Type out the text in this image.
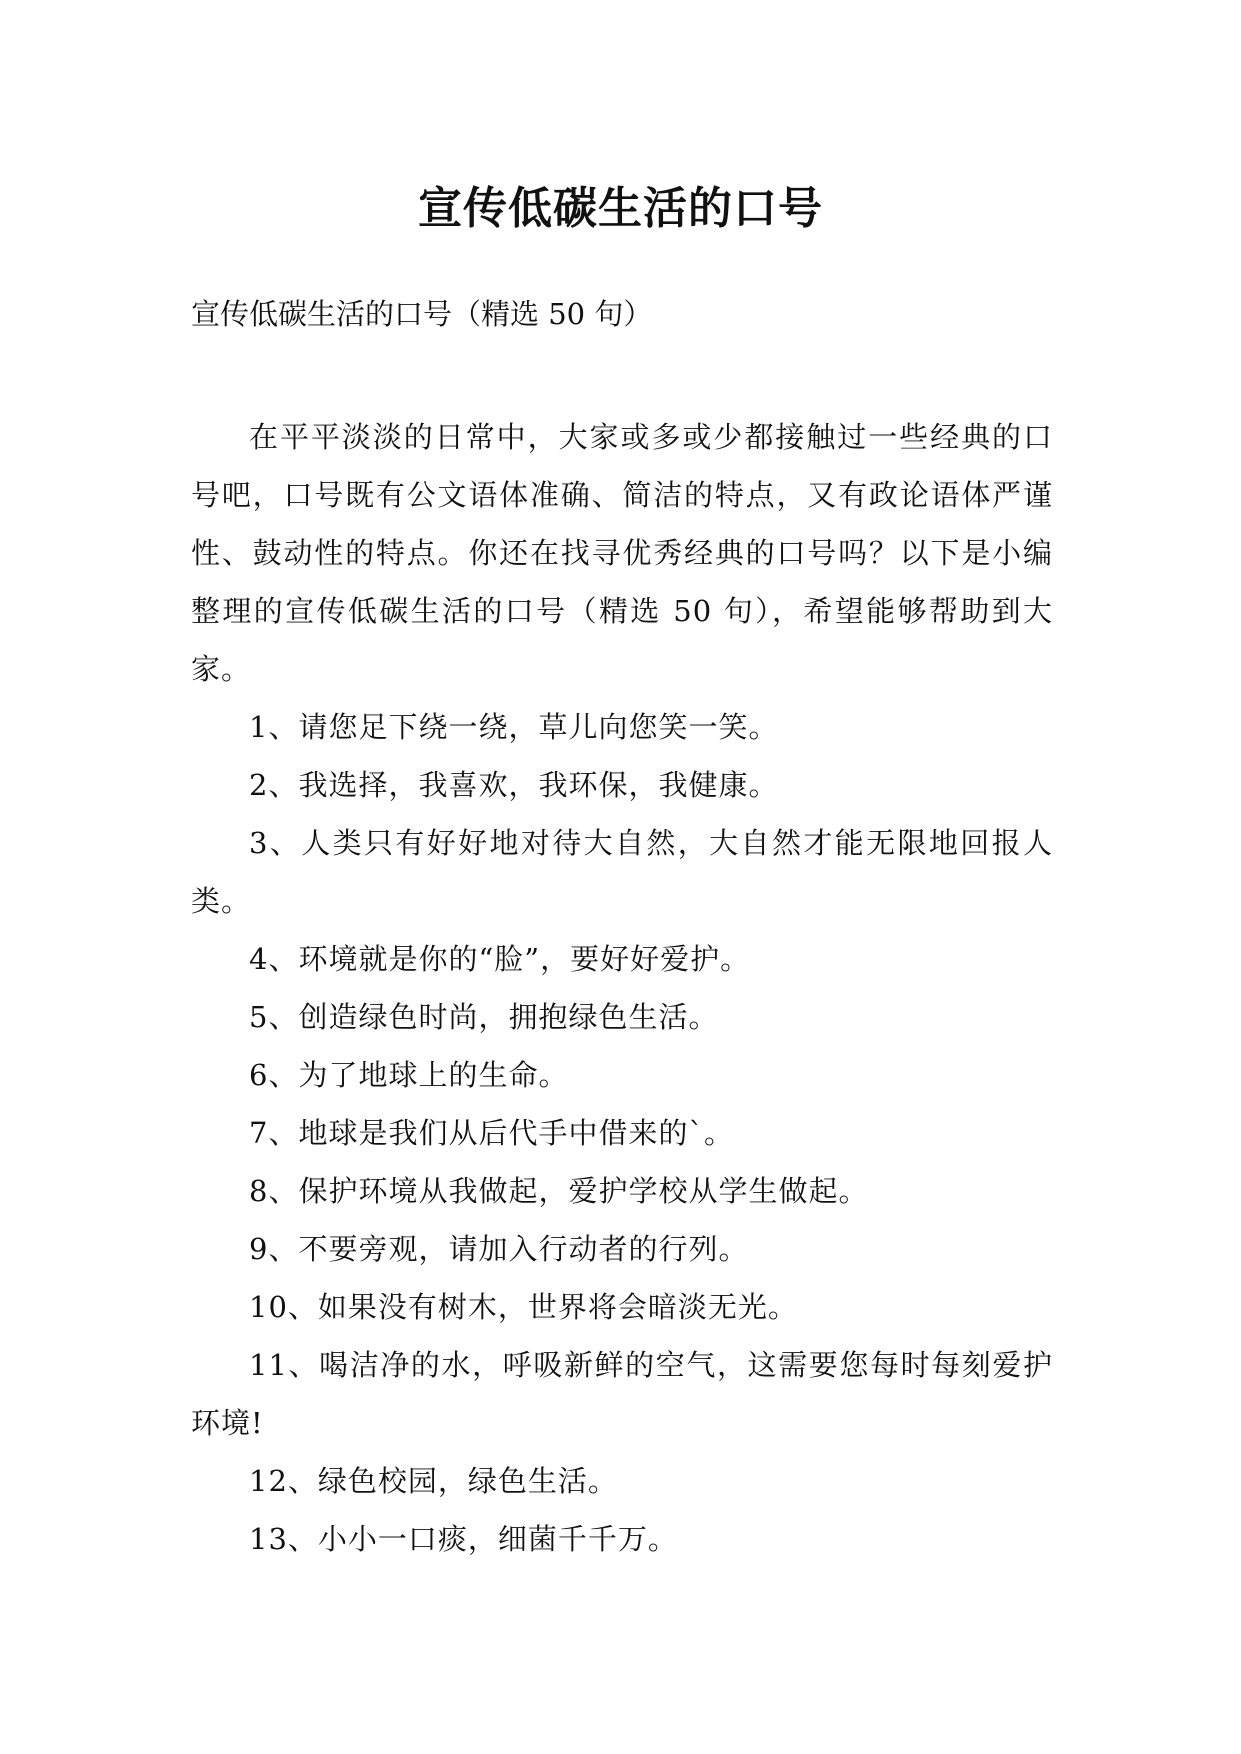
宣传低碳生活的口号
宣传低碳生活的口号（精选 50 句）

在平平淡淡的日常中，大家或多或少都接触过一些经典的口号吧，口号既有公文语体准确、简洁的特点，又有政论语体严谨性、鼓动性的特点。你还在找寻优秀经典的口号吗？以下是小编整理的宣传低碳生活的口号（精选 50 句），希望能够帮助到大家。

1、请您足下绕一绕，草儿向您笑一笑。

2、我选择，我喜欢，我环保，我健康。

3、人类只有好好地对待大自然，大自然才能无限地回报人类。

4、环境就是你的“脸”，要好好爱护。

5、创造绿色时尚，拥抱绿色生活。

6、为了地球上的生命。

7、地球是我们从后代手中借来的`。

8、保护环境从我做起，爱护学校从学生做起。

9、不要旁观，请加入行动者的行列。

10、如果没有树木，世界将会暗淡无光。

11、喝洁净的水，呼吸新鲜的空气，这需要您每时每刻爱护环境!

12、绿色校园，绿色生活。

13、小小一口痰，细菌千千万。
